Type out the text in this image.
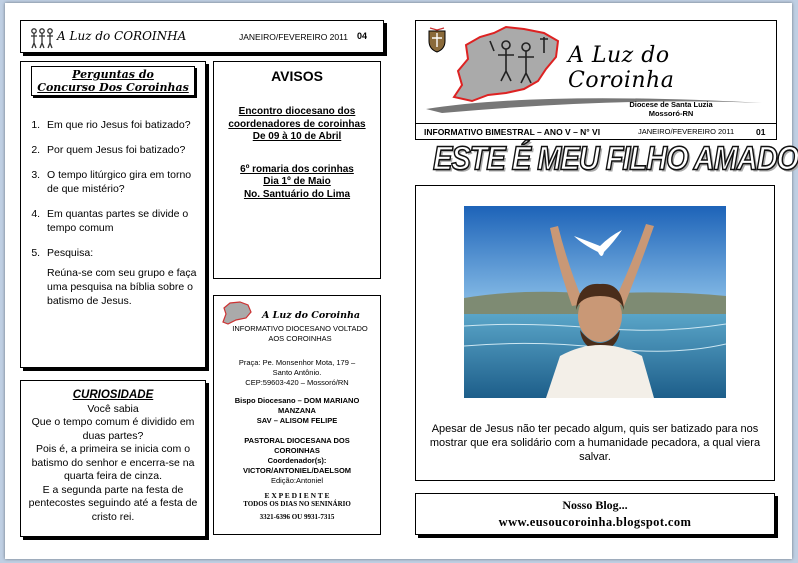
A Luz do COROINHA	JANEIRO/FEVEREIRO 2011 04
Perguntas do
Concurso Dos Coroinhas
1. Em que rio Jesus foi batizado?
2. Por quem Jesus foi batizado?
3. O tempo litúrgico gira em torno de que mistério?
4. Em quantas partes se divide o tempo comum
5. Pesquisa:
Reúna-se com seu grupo e faça uma pesquisa na bíblia sobre o batismo de Jesus.
CURIOSIDADE
Você sabia
Que o tempo comum é dividido em duas partes?
Pois é, a primeira se inicia com o batismo do senhor e encerra-se na quarta feira de cinza.
E a segunda parte na festa de pentecostes seguindo até a festa de cristo rei.
AVISOS
Encontro diocesano dos
coordenadores de coroinhas
De 09 à 10 de Abril
6º romaria dos corinhas
Dia 1º de Maio
No. Santuário do Lima
A Luz do Coroinha
INFORMATIVO DIOCESANO VOLTADO AOS COROINHAS
Praça: Pe. Monsenhor Mota, 179 –
Santo Antônio.
CEP:59603-420 – Mossoró/RN
Bispo Diocesano – DOM MARIANO
MANZANA
SAV – ALISOM FELIPE
PASTORAL DIOCESANA DOS
COROINHAS
Coordenador(s):
VICTOR/ANTONIEL/DAELSOM
Edição:Antoniel
E X P E D I E N T E
TODOS OS DIAS NO SENINÁRIO
3321-6396 OU 9931-7315
A Luz do Coroinha
Diocese de Santa Luzia
Mossoró-RN
INFORMATIVO BIMESTRAL – ANO V – N° VI	JANEIRO/FEVEREIRO 2011	01
ESTE É MEU FILHO AMADO
Apesar de Jesus não ter pecado algum, quis ser batizado para nos mostrar que era solidário com a humanidade pecadora, a qual viera salvar.
Nosso Blog...
www.eusoucoroinha.blogspot.com
